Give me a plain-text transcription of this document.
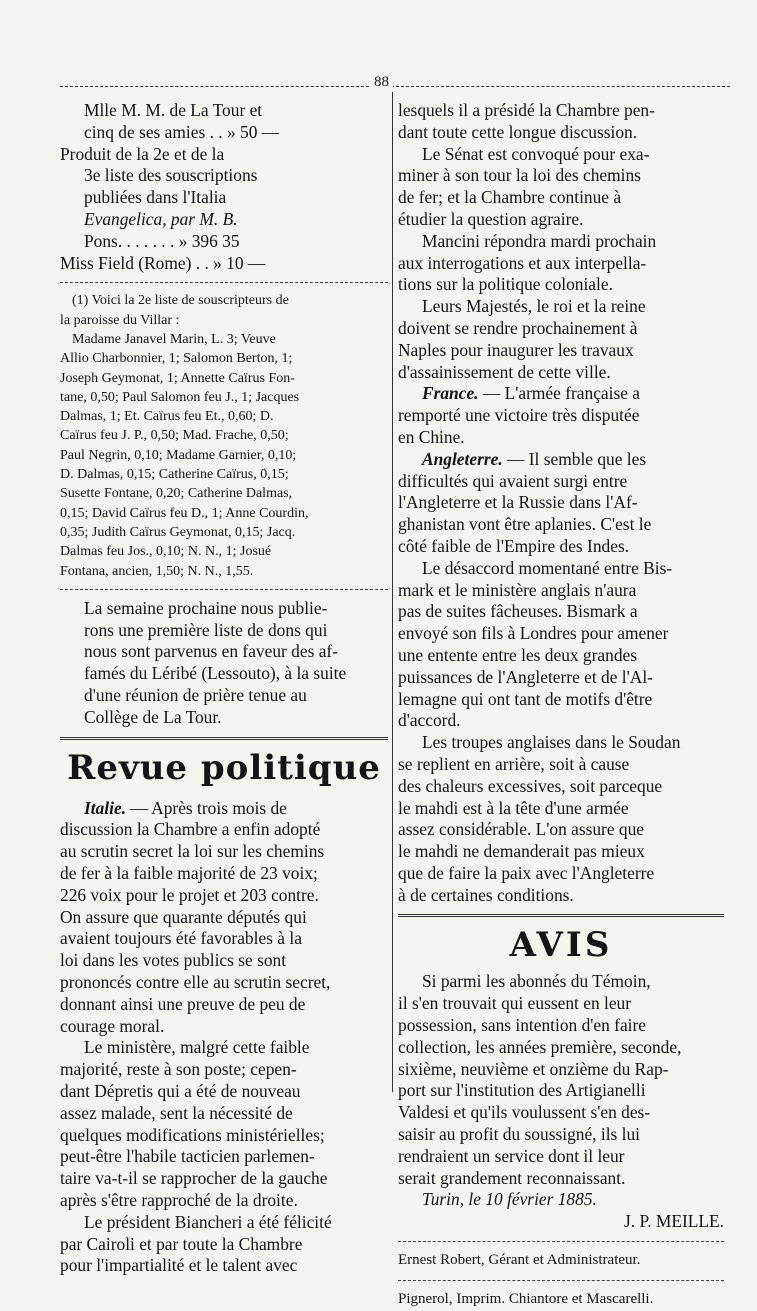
88

Mlle M. M. de La Tour et

cinq de ses amies . . » 50 —

Produit de la 2e et de la

3e liste des souscriptions

publiées dans l'Italia

Evangelica, par M. B.

Pons. . . . . . . » 396 35

Miss Field (Rome) . . » 10 —

(1) Voici la 2e liste de souscripteurs de

la paroisse du Villar :

Madame Janavel Marin, L. 3; Veuve

Allio Charbonnier, 1; Salomon Berton, 1;

Joseph Geymonat, 1; Annette Caïrus Fon-

tane, 0,50; Paul Salomon feu J., 1; Jacques

Dalmas, 1; Et. Caïrus feu Et., 0,60; D.

Caïrus feu J. P., 0,50; Mad. Frache, 0,50;

Paul Negrin, 0,10; Madame Garnier, 0,10;

D. Dalmas, 0,15; Catherine Caïrus, 0,15;

Susette Fontane, 0,20; Catherine Dalmas,

0,15; David Caïrus feu D., 1; Anne Courdin,

0,35; Judith Caïrus Geymonat, 0,15; Jacq.

Dalmas feu Jos., 0,10; N. N., 1; Josué

Fontana, ancien, 1,50; N. N., 1,55.

La semaine prochaine nous publie-

rons une première liste de dons qui

nous sont parvenus en faveur des af-

famés du Léribé (Lessouto), à la suite

d'une réunion de prière tenue au

Collège de La Tour.

Revue politique

Italie. — Après trois mois de

discussion la Chambre a enfin adopté

au scrutin secret la loi sur les chemins

de fer à la faible majorité de 23 voix;

226 voix pour le projet et 203 contre.

On assure que quarante députés qui

avaient toujours été favorables à la

loi dans les votes publics se sont

prononcés contre elle au scrutin secret,

donnant ainsi une preuve de peu de

courage moral.

Le ministère, malgré cette faible

majorité, reste à son poste; cepen-

dant Dépretis qui a été de nouveau

assez malade, sent la nécessité de

quelques modifications ministérielles;

peut-être l'habile tacticien parlemen-

taire va-t-il se rapprocher de la gauche

après s'être rapproché de la droite.

Le président Biancheri a été félicité

par Cairoli et par toute la Chambre

pour l'impartialité et le talent avec

lesquels il a présidé la Chambre pen-

dant toute cette longue discussion.

Le Sénat est convoqué pour exa-

miner à son tour la loi des chemins

de fer; et la Chambre continue à

étudier la question agraire.

Mancini répondra mardi prochain

aux interrogations et aux interpella-

tions sur la politique coloniale.

Leurs Majestés, le roi et la reine

doivent se rendre prochainement à

Naples pour inaugurer les travaux

d'assainissement de cette ville.

France. — L'armée française a

remporté une victoire très disputée

en Chine.

Angleterre. — Il semble que les

difficultés qui avaient surgi entre

l'Angleterre et la Russie dans l'Af-

ghanistan vont être aplanies. C'est le

côté faible de l'Empire des Indes.

Le désaccord momentané entre Bis-

mark et le ministère anglais n'aura

pas de suites fâcheuses. Bismark a

envoyé son fils à Londres pour amener

une entente entre les deux grandes

puissances de l'Angleterre et de l'Al-

lemagne qui ont tant de motifs d'être

d'accord.

Les troupes anglaises dans le Soudan

se replient en arrière, soit à cause

des chaleurs excessives, soit parceque

le mahdi est à la tête d'une armée

assez considérable. L'on assure que

le mahdi ne demanderait pas mieux

que de faire la paix avec l'Angleterre

à de certaines conditions.

AVIS

Si parmi les abonnés du Témoin,

il s'en trouvait qui eussent en leur

possession, sans intention d'en faire

collection, les années première, seconde,

sixième, neuvième et onzième du Rap-

port sur l'institution des Artigianelli

Valdesi et qu'ils voulussent s'en des-

saisir au profit du soussigné, ils lui

rendraient un service dont il leur

serait grandement reconnaissant.

Turin, le 10 février 1885.

J. P. MEILLE.

Ernest Robert, Gérant et Administrateur.

Pignerol, Imprim. Chiantore et Mascarelli.
